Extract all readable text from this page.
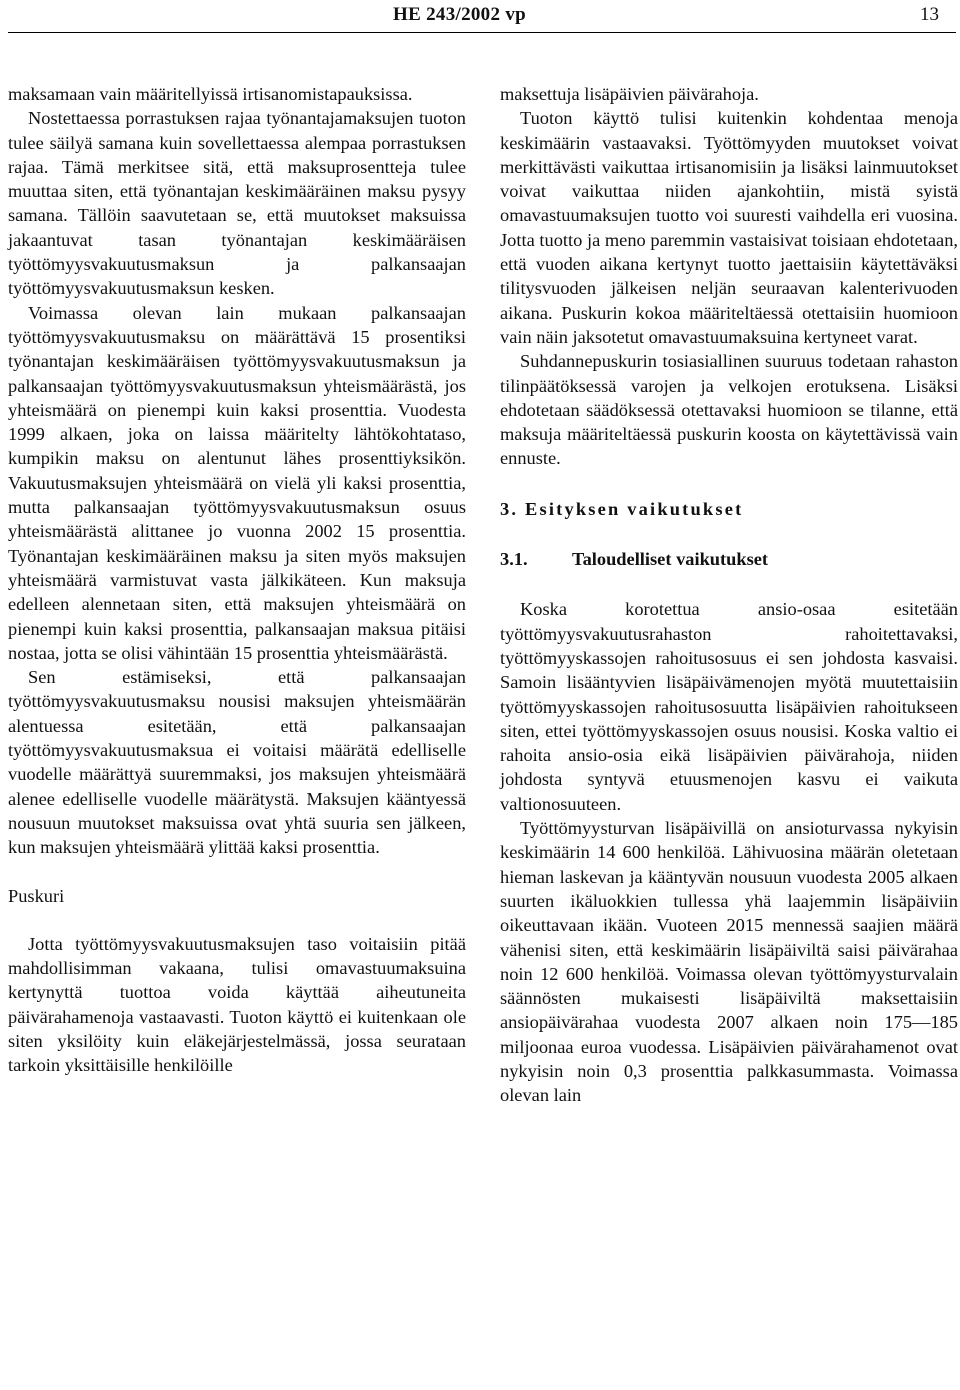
HE 243/2002 vp	13

maksamaan vain määritellyissä irtisanomistapauksissa.

Nostettaessa porrastuksen rajaa työnantajamaksujen tuoton tulee säilyä samana kuin sovellettaessa alempaa porrastuksen rajaa. Tämä merkitsee sitä, että maksuprosentteja tulee muuttaa siten, että työnantajan keskimääräinen maksu pysyy samana. Tällöin saavutetaan se, että muutokset maksuissa jakaantuvat tasan työnantajan keskimääräisen työttömyysvakuutusmaksun ja palkansaajan työttömyysvakuutusmaksun kesken.

Voimassa olevan lain mukaan palkansaajan työttömyysvakuutusmaksu on määrättävä 15 prosentiksi työnantajan keskimääräisen työttömyysvakuutusmaksun ja palkansaajan työttömyysvakuutusmaksun yhteismäärästä, jos yhteismäärä on pienempi kuin kaksi prosenttia. Vuodesta 1999 alkaen, joka on laissa määritelty lähtökohtataso, kumpikin maksu on alentunut lähes prosenttiyksikön. Vakuutusmaksujen yhteismäärä on vielä yli kaksi prosenttia, mutta palkansaajan työttömyysvakuutusmaksun osuus yhteismäärästä alittanee jo vuonna 2002 15 prosenttia. Työnantajan keskimääräinen maksu ja siten myös maksujen yhteismäärä varmistuvat vasta jälkikäteen. Kun maksuja edelleen alennetaan siten, että maksujen yhteismäärä on pienempi kuin kaksi prosenttia, palkansaajan maksua pitäisi nostaa, jotta se olisi vähintään 15 prosenttia yhteismäärästä.

Sen estämiseksi, että palkansaajan työttömyysvakuutusmaksu nousisi maksujen yhteismäärän alentuessa esitetään, että palkansaajan työttömyysvakuutusmaksua ei voitaisi määrätä edelliselle vuodelle määrättyä suuremmaksi, jos maksujen yhteismäärä alenee edelliselle vuodelle määrätystä. Maksujen kääntyessä nousuun muutokset maksuissa ovat yhtä suuria sen jälkeen, kun maksujen yhteismäärä ylittää kaksi prosenttia.

Puskuri

Jotta työttömyysvakuutusmaksujen taso voitaisiin pitää mahdollisimman vakaana, tulisi omavastuumaksuina kertynyttä tuottoa voida käyttää aiheutuneita päivärahamenoja vastaavasti. Tuoton käyttö ei kuitenkaan ole siten yksilöity kuin eläkejärjestelmässä, jossa seurataan tarkoin yksittäisille henkilöille

maksettuja lisäpäivien päivärahoja.

Tuoton käyttö tulisi kuitenkin kohdentaa menoja keskimäärin vastaavaksi. Työttömyyden muutokset voivat merkittävästi vaikuttaa irtisanomisiin ja lisäksi lainmuutokset voivat vaikuttaa niiden ajankohtiin, mistä syistä omavastuumaksujen tuotto voi suuresti vaihdella eri vuosina. Jotta tuotto ja meno paremmin vastaisivat toisiaan ehdotetaan, että vuoden aikana kertynyt tuotto jaettaisiin käytettäväksi tilitysvuoden jälkeisen neljän seuraavan kalenterivuoden aikana. Puskurin kokoa määriteltäessä otettaisiin huomioon vain näin jaksotetut omavastuumaksuina kertyneet varat.

Suhdannepuskurin tosiasiallinen suuruus todetaan rahaston tilinpäätöksessä varojen ja velkojen erotuksena. Lisäksi ehdotetaan säädöksessä otettavaksi huomioon se tilanne, että maksuja määriteltäessä puskurin koosta on käytettävissä vain ennuste.

3. Esityksen vaikutukset

3.1. Taloudelliset vaikutukset

Koska korotettua ansio-osaa esitetään työttömyysvakuutusrahaston rahoitettavaksi, työttömyyskassojen rahoitusosuus ei sen johdosta kasvaisi. Samoin lisääntyvien lisäpäivämenojen myötä muutettaisiin työttömyyskassojen rahoitusosuutta lisäpäivien rahoitukseen siten, ettei työttömyyskassojen osuus nousisi. Koska valtio ei rahoita ansio-osia eikä lisäpäivien päivärahoja, niiden johdosta syntyvä etuusmenojen kasvu ei vaikuta valtionosuuteen.

Työttömyysturvan lisäpäivillä on ansioturvassa nykyisin keskimäärin 14 600 henkilöä. Lähivuosina määrän oletetaan hieman laskevan ja kääntyvän nousuun vuodesta 2005 alkaen suurten ikäluokkien tullessa yhä laajemmin lisäpäiviin oikeuttavaan ikään. Vuoteen 2015 mennessä saajien määrä vähenisi siten, että keskimäärin lisäpäiviltä saisi päivärahaa noin 12 600 henkilöä. Voimassa olevan työttömyysturvalain säännösten mukaisesti lisäpäiviltä maksettaisiin ansiopäivärahaa vuodesta 2007 alkaen noin 175—185 miljoonaa euroa vuodessa. Lisäpäivien päivärahamenot ovat nykyisin noin 0,3 prosenttia palkkasummasta. Voimassa olevan lain
